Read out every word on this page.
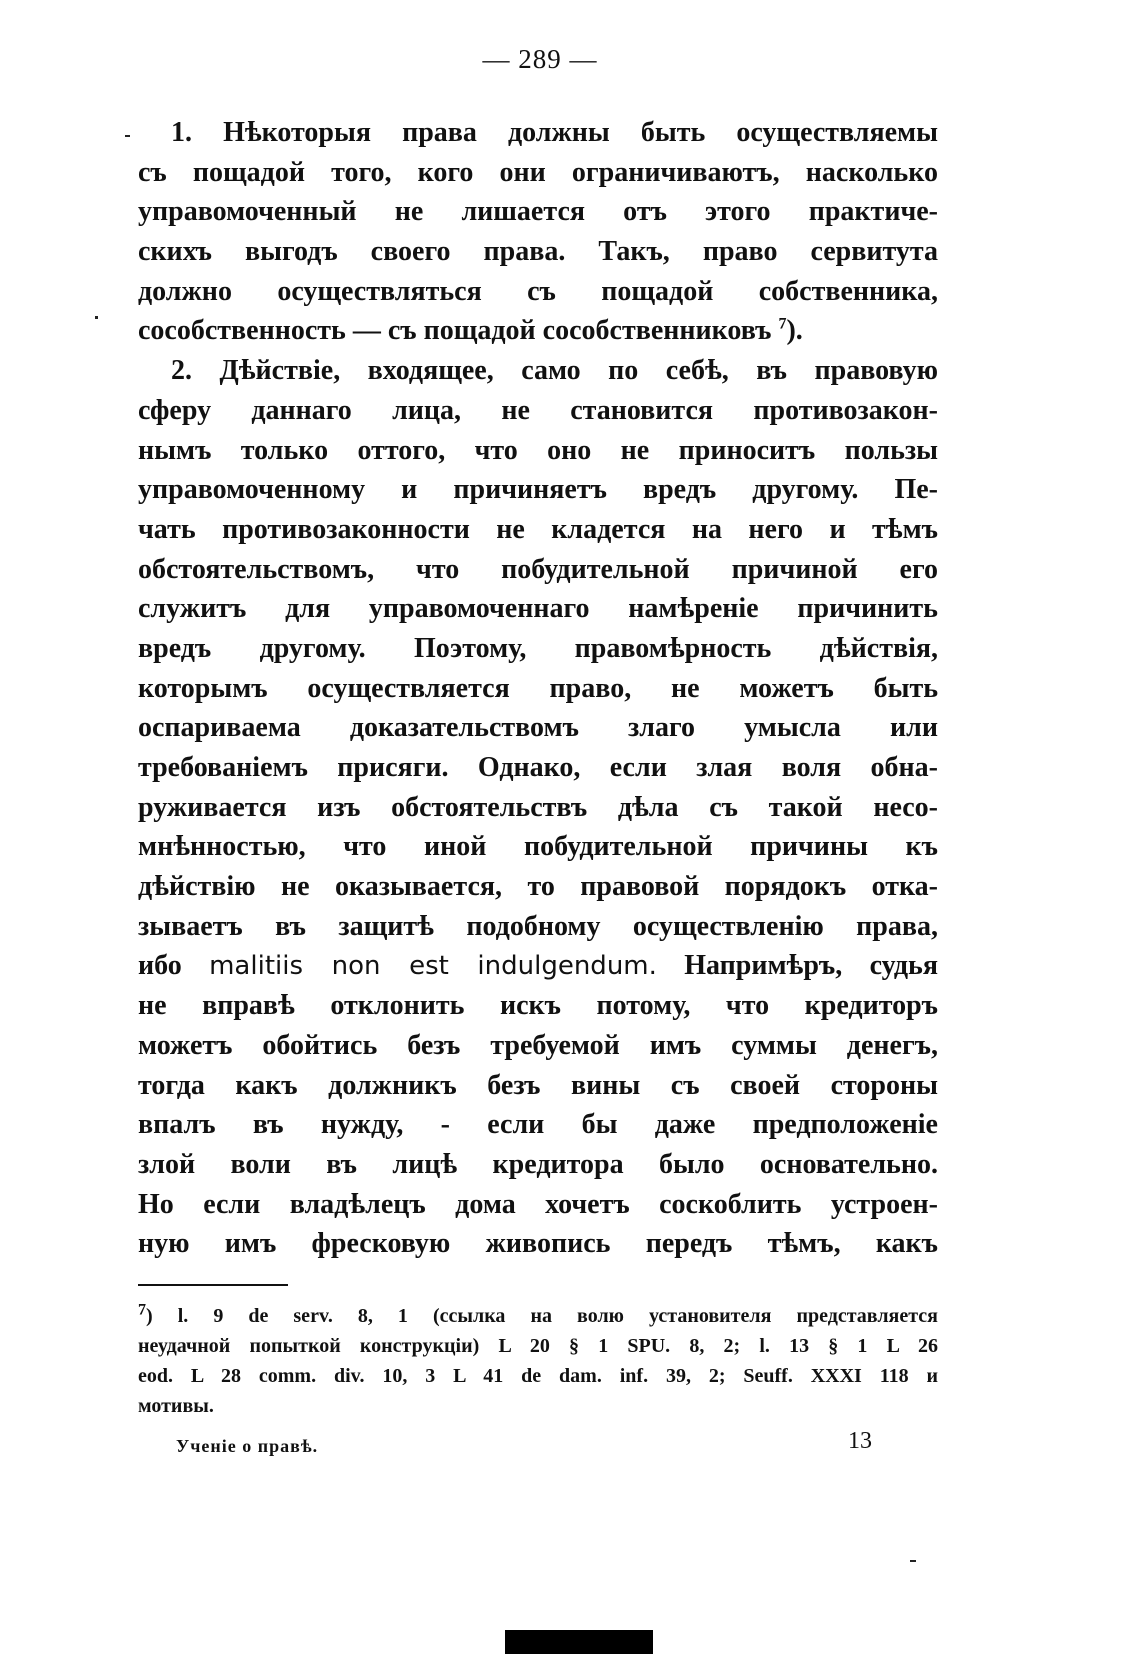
— 289 —
1. Нѣкоторыя права должны быть осуществляемы
съ пощадой того, кого они ограничиваютъ, насколько
управомоченный не лишается отъ этого практиче-
скихъ выгодъ своего права. Такъ, право сервитута
должно осуществляться съ пощадой собственника,
сособственность — съ пощадой сособственниковъ $^7$).
2. Дѣйствіе, входящее, само по себѣ, въ правовую
сферу даннаго лица, не становится противозакон-
нымъ только оттого, что оно не приноситъ пользы
управомоченному и причиняетъ вредъ другому. Пе-
чать противозаконности не кладется на него и тѣмъ
обстоятельствомъ, что побудительной причиной его
служитъ для управомоченнаго намѣреніе причинить
вредъ другому. Поэтому, правомѣрность дѣйствія,
которымъ осуществляется право, не можетъ быть
оспариваема доказательствомъ злаго умысла или
требованіемъ присяги. Однако, если злая воля обна-
руживается изъ обстоятельствъ дѣла съ такой несо-
мнѣнностью, что иной побудительной причины къ
дѣйствію не оказывается, то правовой порядокъ отка-
зываетъ въ защитѣ подобному осуществленію права,
ибо malitiis non est indulgendum. Напримѣръ, судья
не вправѣ отклонить искъ потому, что кредиторъ
можетъ обойтись безъ требуемой имъ суммы денегъ,
тогда какъ должникъ безъ вины съ своей стороны
впалъ въ нужду, - если бы даже предположеніе
злой воли въ лицѣ кредитора было основательно.
Но если владѣлецъ дома хочетъ соскоблить устроен-
ную имъ фресковую живопись передъ тѣмъ, какъ
$^7$) l. 9 de serv. 8, 1 (ссылка на волю установителя представляется
неудачной попыткой конструкціи) L 20 § 1 SPU. 8, 2; l. 13 § 1 L 26
eod. L 28 comm. div. 10, 3 L 41 de dam. inf. 39, 2; Seuff. XXXI 118 и
мотивы.
Ученіе о правѣ.	13
